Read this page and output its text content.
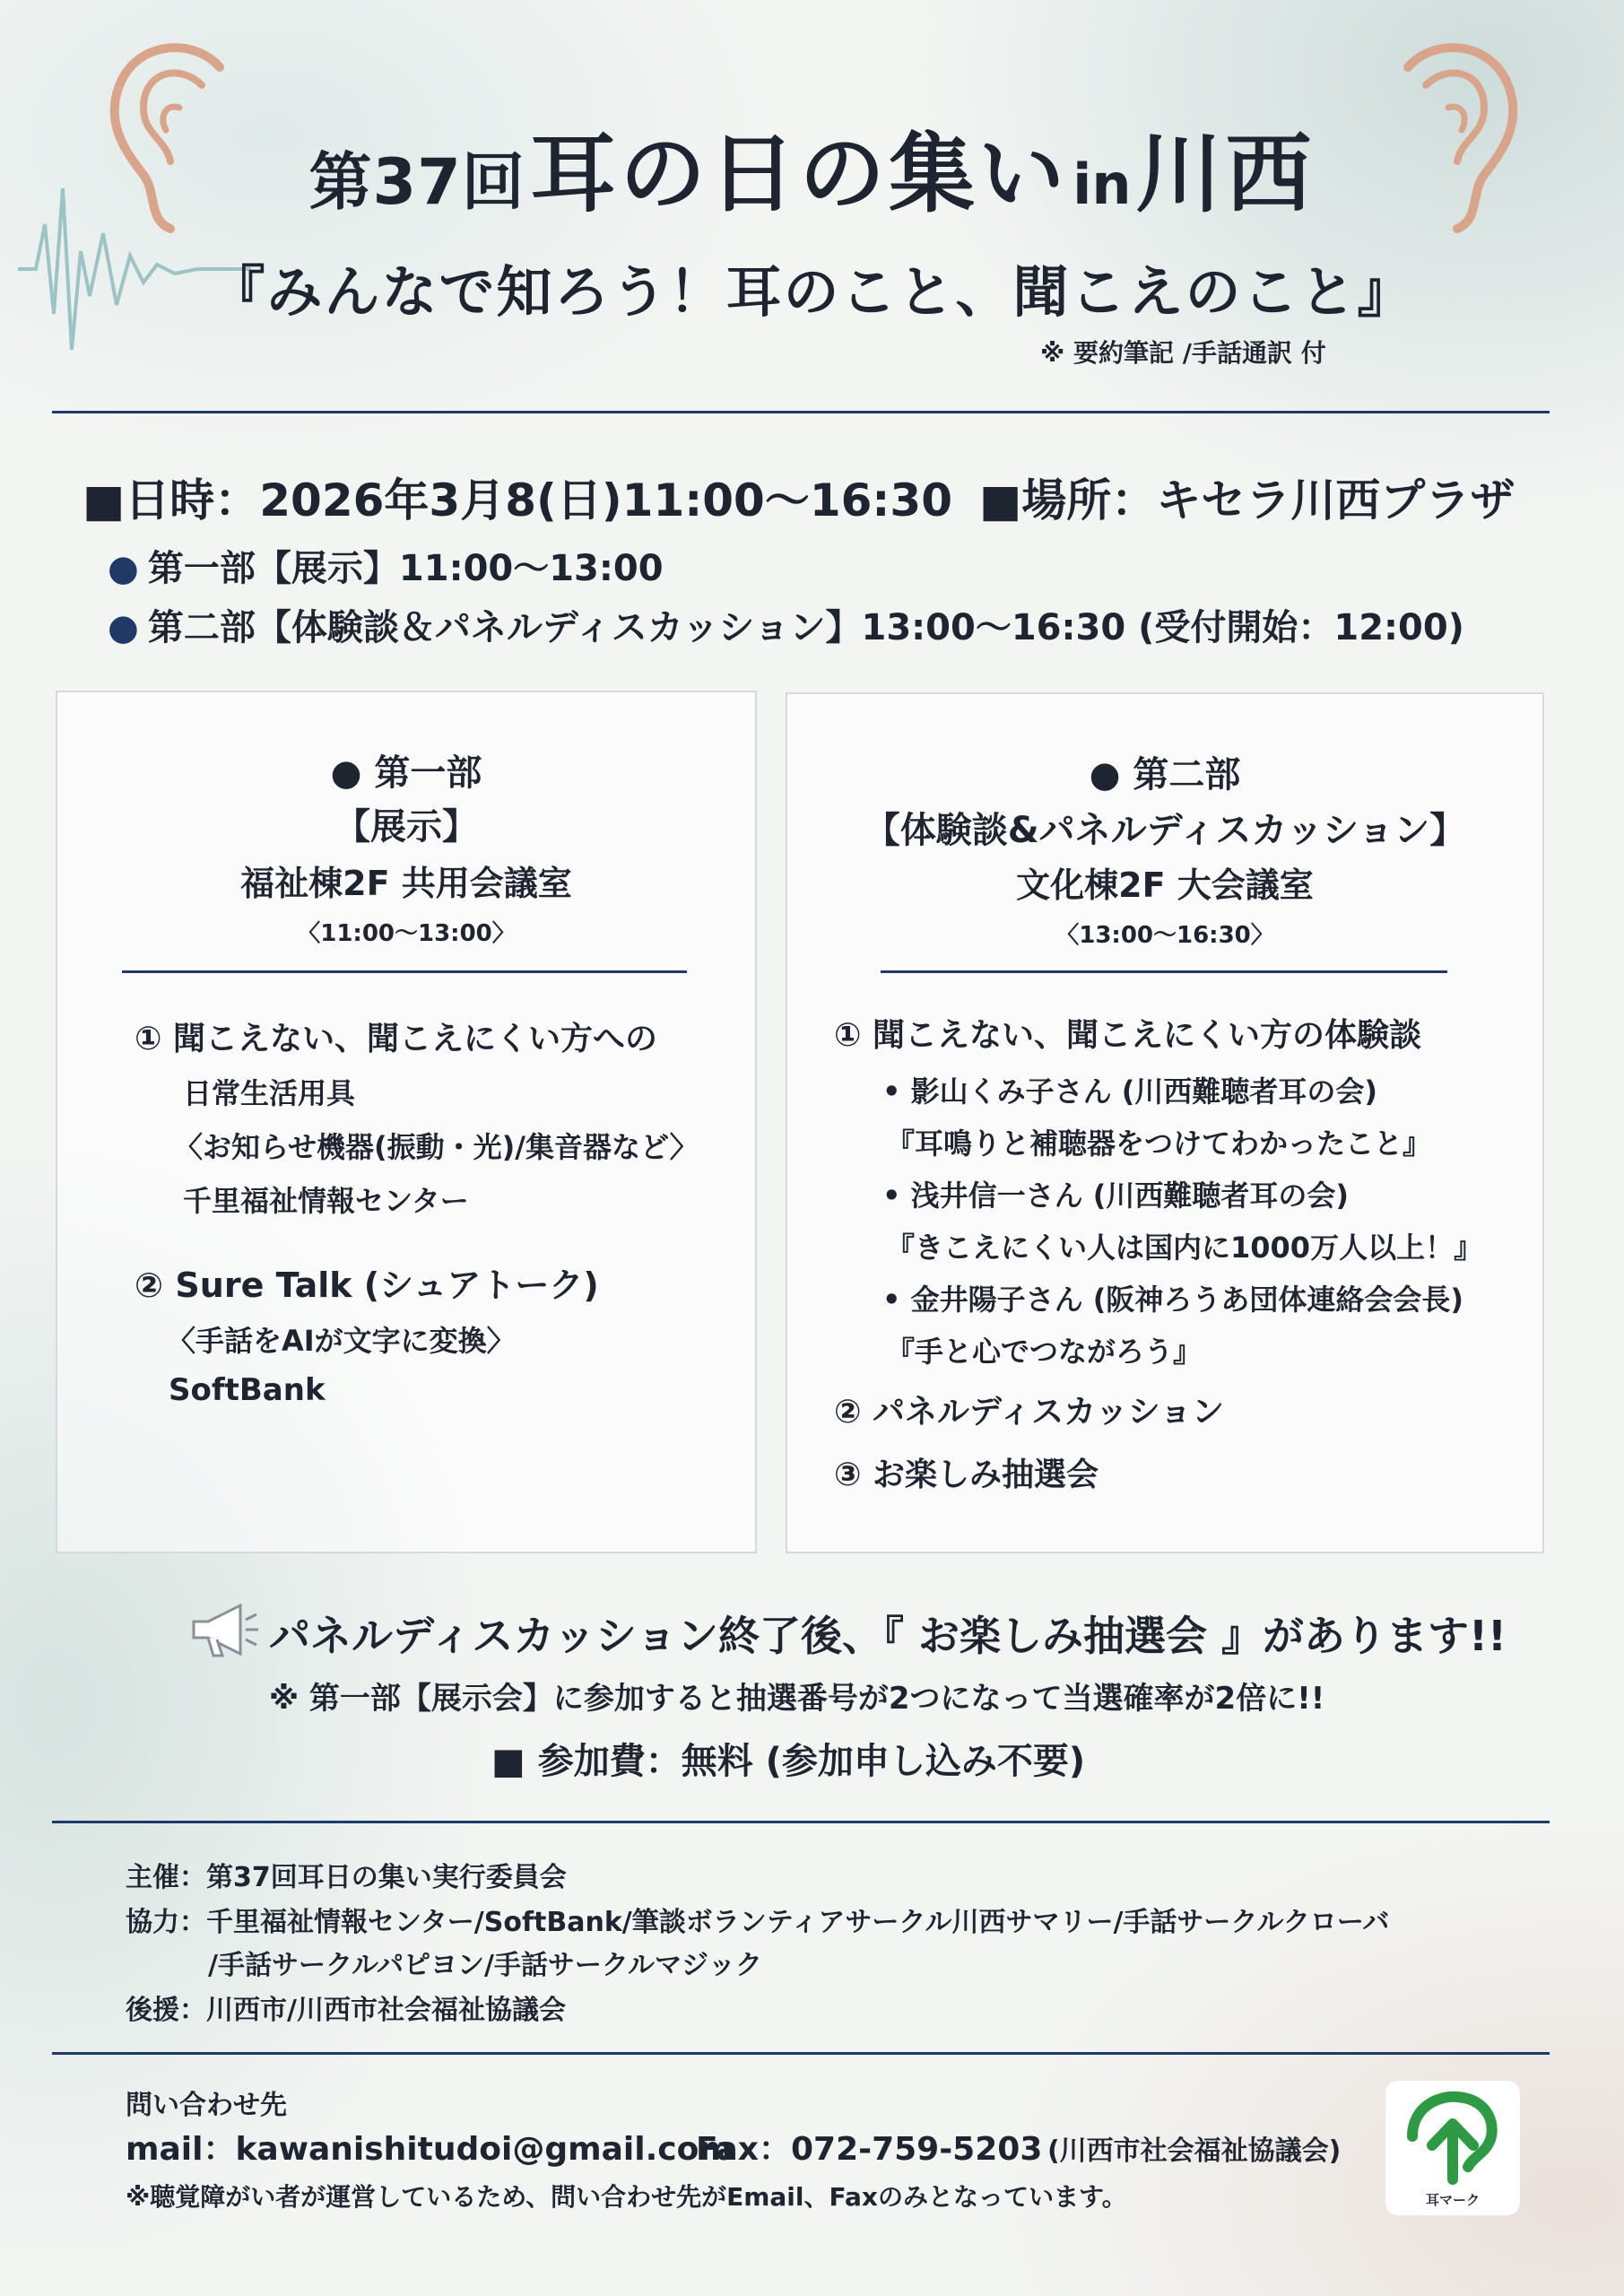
第37回 耳の日の集い in 川西
『みんなで知ろう！耳のこと、聞こえのこと』
※ 要約筆記 /手話通訳 付
■日時：2026年3月8(日)11:00〜16:30 ■場所：キセラ川西プラザ
● 第一部【展示】11:00〜13:00
● 第二部【体験談＆パネルディスカッション】13:00〜16:30 (受付開始：12:00)
● 第一部
【展示】
福祉棟2F 共用会議室
〈11:00〜13:00〉
① 聞こえない、聞こえにくい方への
日常生活用具
〈お知らせ機器(振動・光)/集音器など〉
千里福祉情報センター
② Sure Talk (シュアトーク)
〈手話をAIが文字に変換〉
SoftBank
● 第二部
【体験談&パネルディスカッション】
文化棟2F 大会議室
〈13:00〜16:30〉
① 聞こえない、聞こえにくい方の体験談
• 影山くみ子さん (川西難聴者耳の会)
『耳鳴りと補聴器をつけてわかったこと』
• 浅井信一さん (川西難聴者耳の会)
『きこえにくい人は国内に1000万人以上！』
• 金井陽子さん (阪神ろうあ団体連絡会会長)
『手と心でつながろう』
② パネルディスカッション
③ お楽しみ抽選会
パネルディスカッション終了後、『 お楽しみ抽選会 』があります!!
※ 第一部【展示会】に参加すると抽選番号が2つになって当選確率が2倍に!!
■ 参加費：無料 (参加申し込み不要)
主催：第37回耳日の集い実行委員会
協力：千里福祉情報センター/SoftBank/筆談ボランティアサークル川西サマリー/手話サークルクローバ
/手話サークルパピヨン/手話サークルマジック
後援：川西市/川西市社会福祉協議会
問い合わせ先
mail：kawanishitudoi@gmail.com
Fax：072-759-5203 (川西市社会福祉協議会)
※聴覚障がい者が運営しているため、問い合わせ先がEmail、Faxのみとなっています。	耳マーク
